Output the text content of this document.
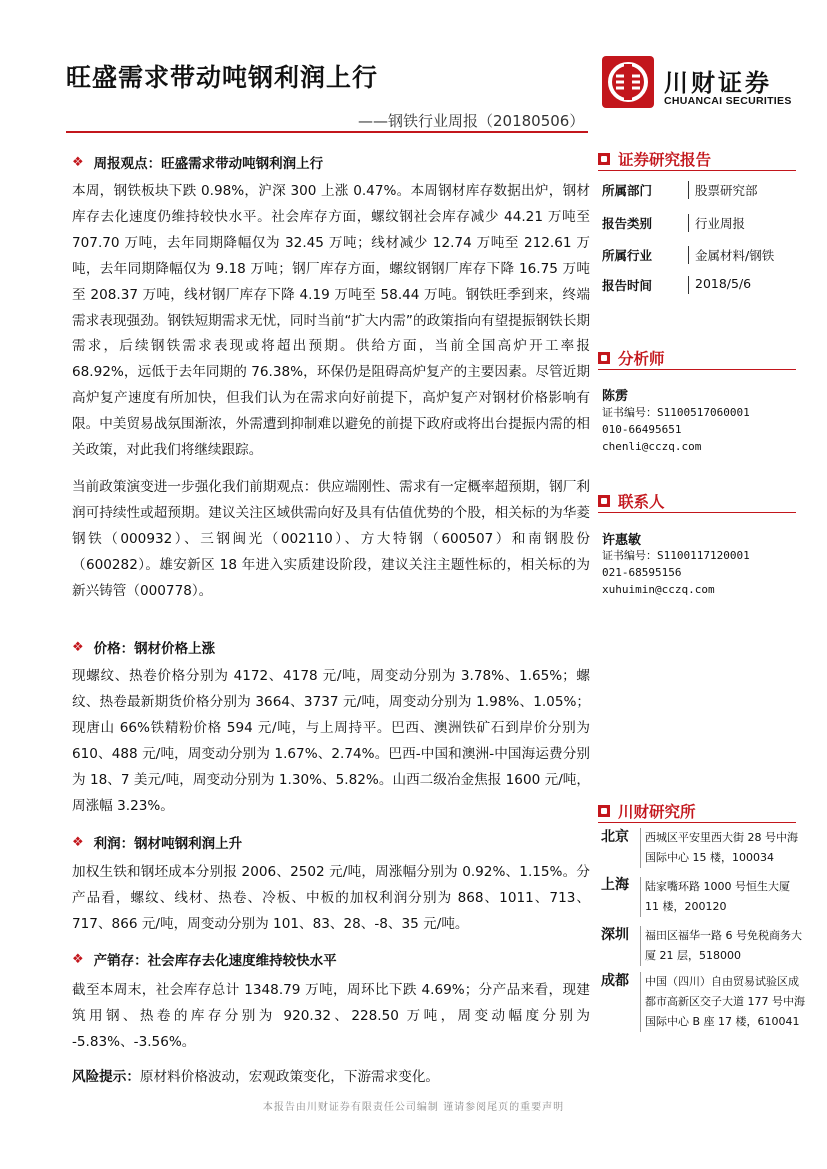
旺盛需求带动吨钢利润上行
——钢铁行业周报（20180506）
川财证券
CHUANCAI SECURITIES
❖ 周报观点：旺盛需求带动吨钢利润上行

本周，钢铁板块下跌 0.98%，沪深 300 上涨 0.47%。本周钢材库存数据出炉，钢材库存去化速度仍维持较快水平。社会库存方面，螺纹钢社会库存减少 44.21 万吨至 707.70 万吨，去年同期降幅仅为 32.45 万吨；线材减少 12.74 万吨至 212.61 万吨，去年同期降幅仅为 9.18 万吨；钢厂库存方面，螺纹钢钢厂库存下降 16.75 万吨至 208.37 万吨，线材钢厂库存下降 4.19 万吨至 58.44 万吨。钢铁旺季到来，终端需求表现强劲。钢铁短期需求无忧，同时当前“扩大内需”的政策指向有望提振钢铁长期需求，后续钢铁需求表现或将超出预期。供给方面，当前全国高炉开工率报 68.92%，远低于去年同期的 76.38%，环保仍是阻碍高炉复产的主要因素。尽管近期高炉复产速度有所加快，但我们认为在需求向好前提下，高炉复产对钢材价格影响有限。中美贸易战氛围渐浓，外需遭到抑制难以避免的前提下政府或将出台提振内需的相关政策，对此我们将继续跟踪。

当前政策演变进一步强化我们前期观点：供应端刚性、需求有一定概率超预期，钢厂利润可持续性或超预期。建议关注区域供需向好及具有估值优势的个股，相关标的为华菱钢铁（000932）、三钢闽光（002110）、方大特钢（600507）和南钢股份（600282）。雄安新区 18 年进入实质建设阶段，建议关注主题性标的，相关标的为新兴铸管（000778）。

❖ 价格：钢材价格上涨

现螺纹、热卷价格分别为 4172、4178 元/吨，周变动分别为 3.78%、1.65%；螺纹、热卷最新期货价格分别为 3664、3737 元/吨，周变动分别为 1.98%、1.05%；现唐山 66%铁精粉价格 594 元/吨，与上周持平。巴西、澳洲铁矿石到岸价分别为 610、488 元/吨，周变动分别为 1.67%、2.74%。巴西-中国和澳洲-中国海运费分别为 18、7 美元/吨，周变动分别为 1.30%、5.82%。山西二级冶金焦报 1600 元/吨，周涨幅 3.23%。

❖ 利润：钢材吨钢利润上升

加权生铁和钢坯成本分别报 2006、2502 元/吨，周涨幅分别为 0.92%、1.15%。分产品看，螺纹、线材、热卷、冷板、中板的加权利润分别为 868、1011、713、717、866 元/吨，周变动分别为 101、83、28、-8、35 元/吨。

❖ 产销存：社会库存去化速度维持较快水平

截至本周末，社会库存总计 1348.79 万吨，周环比下跌 4.69%；分产品来看，现建筑用钢、热卷的库存分别为 920.32、228.50 万吨，周变动幅度分别为 -5.83%、-3.56%。

风险提示：原材料价格波动，宏观政策变化，下游需求变化。
本报告由川财证券有限责任公司编制 谨请参阅尾页的重要声明
证券研究报告
所属部门	股票研究部
报告类别	行业周报
所属行业	金属材料/钢铁
报告时间	2018/5/6
分析师
陈雳
证书编号：S1100517060001
010-66495651
chenli@cczq.com
联系人
许惠敏
证书编号：S1100117120001
021-68595156
xuhuimin@cczq.com
川财研究所
北京	西城区平安里西大街 28 号中海国际中心 15 楼，100034
上海	陆家嘴环路 1000 号恒生大厦 11 楼，200120
深圳	福田区福华一路 6 号免税商务大厦 21 层，518000
成都	中国（四川）自由贸易试验区成都市高新区交子大道 177 号中海国际中心 B 座 17 楼，610041
